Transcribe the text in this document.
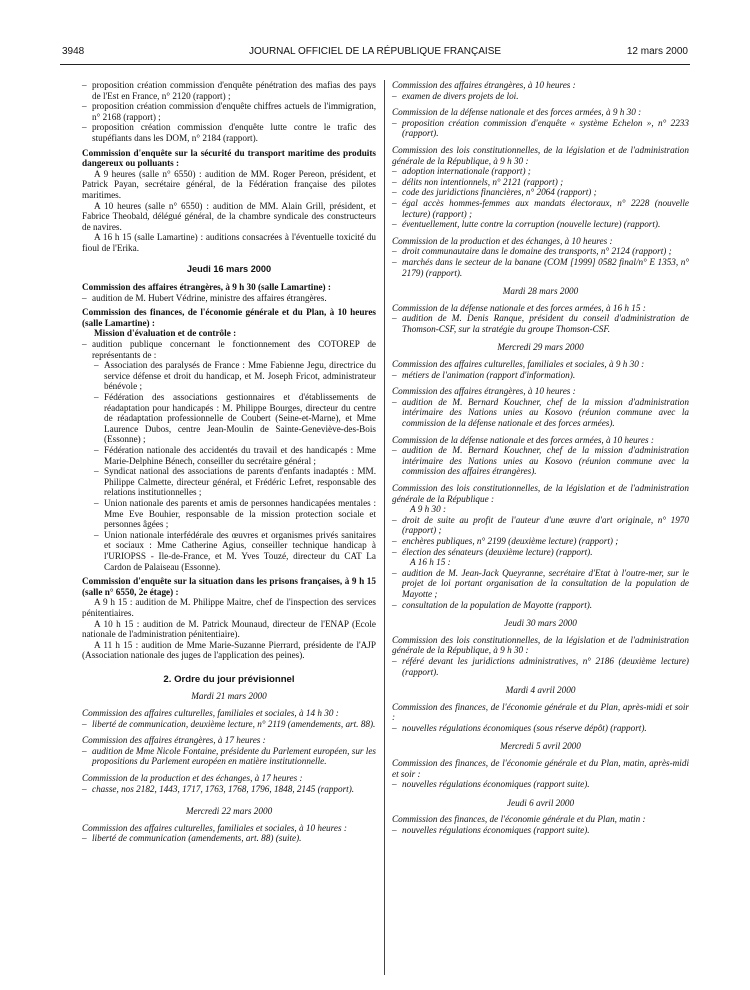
3948	JOURNAL OFFICIEL DE LA RÉPUBLIQUE FRANÇAISE	12 mars 2000
– proposition création commission d'enquête pénétration des mafias des pays de l'Est en France, n° 2120 (rapport) ;
– proposition création commission d'enquête chiffres actuels de l'immigration, n° 2168 (rapport) ;
– proposition création commission d'enquête lutte contre le trafic des stupéfiants dans les DOM, n° 2184 (rapport).

Commission d'enquête sur la sécurité du transport maritime des produits dangereux ou polluants :

A 9 heures (salle n° 6550) : audition de MM. Roger Pereon, président, et Patrick Payan, secrétaire général, de la Fédération française des pilotes maritimes.

A 10 heures (salle n° 6550) : audition de MM. Alain Grill, président, et Fabrice Theobald, délégué général, de la chambre syndicale des constructeurs de navires.

A 16 h 15 (salle Lamartine) : auditions consacrées à l'éventuelle toxicité du fioul de l'Erika.

Jeudi 16 mars 2000

Commission des affaires étrangères, à 9 h 30 (salle Lamartine) :

– audition de M. Hubert Védrine, ministre des affaires étrangères.

Commission des finances, de l'économie générale et du Plan, à 10 heures (salle Lamartine) :

Mission d'évaluation et de contrôle :

– audition publique concernant le fonctionnement des COTOREP de représentants de :
– Association des paralysés de France : Mme Fabienne Jegu, directrice du service défense et droit du handicap, et M. Joseph Fricot, administrateur bénévole ;
– Fédération des associations gestionnaires et d'établissements de réadaptation pour handicapés : M. Philippe Bourges, directeur du centre de réadaptation professionnelle de Coubert (Seine-et-Marne), et Mme Laurence Dubos, centre Jean-Moulin de Sainte-Geneviève-des-Bois (Essonne) ;
– Fédération nationale des accidentés du travail et des handicapés : Mme Marie-Delphine Bénech, conseiller du secrétaire général ;
– Syndicat national des associations de parents d'enfants inadaptés : MM. Philippe Calmette, directeur général, et Frédéric Lefret, responsable des relations institutionnelles ;
– Union nationale des parents et amis de personnes handicapées mentales : Mme Eve Bouhier, responsable de la mission protection sociale et personnes âgées ;
– Union nationale interfédérale des œuvres et organismes privés sanitaires et sociaux : Mme Catherine Agius, conseiller technique handicap à l'URIOPSS - Ile-de-France, et M. Yves Touzé, directeur du CAT La Cardon de Palaiseau (Essonne).

Commission d'enquête sur la situation dans les prisons françaises, à 9 h 15 (salle n° 6550, 2e étage) :

A 9 h 15 : audition de M. Philippe Maitre, chef de l'inspection des services pénitentiaires.

A 10 h 15 : audition de M. Patrick Mounaud, directeur de l'ENAP (Ecole nationale de l'administration pénitentiaire).

A 11 h 15 : audition de Mme Marie-Suzanne Pierrard, présidente de l'AJP (Association nationale des juges de l'application des peines).

2. Ordre du jour prévisionnel
Mardi 21 mars 2000

Commission des affaires culturelles, familiales et sociales, à 14 h 30 :

– liberté de communication, deuxième lecture, n° 2119 (amendements, art. 88).

Commission des affaires étrangères, à 17 heures :

– audition de Mme Nicole Fontaine, présidente du Parlement européen, sur les propositions du Parlement européen en matière institutionnelle.

Commission de la production et des échanges, à 17 heures :

– chasse, nos 2182, 1443, 1717, 1763, 1768, 1796, 1848, 2145 (rapport).
Mercredi 22 mars 2000

Commission des affaires culturelles, familiales et sociales, à 10 heures :

– liberté de communication (amendements, art. 88) (suite).

Commission des affaires étrangères, à 10 heures :

– examen de divers projets de loi.

Commission de la défense nationale et des forces armées, à 9 h 30 :

– proposition création commission d'enquête « système Echelon », n° 2233 (rapport).

Commission des lois constitutionnelles, de la législation et de l'administration générale de la République, à 9 h 30 :

– adoption internationale (rapport) ;
– délits non intentionnels, n° 2121 (rapport) ;
– code des juridictions financières, n° 2064 (rapport) ;
– égal accès hommes-femmes aux mandats électoraux, n° 2228 (nouvelle lecture) (rapport) ;
– éventuellement, lutte contre la corruption (nouvelle lecture) (rapport).

Commission de la production et des échanges, à 10 heures :

– droit communautaire dans le domaine des transports, n° 2124 (rapport) ;
– marchés dans le secteur de la banane (COM [1999] 0582 final/n° E 1353, n° 2179) (rapport).
Mardi 28 mars 2000

Commission de la défense nationale et des forces armées, à 16 h 15 :

– audition de M. Denis Ranque, président du conseil d'administration de Thomson-CSF, sur la stratégie du groupe Thomson-CSF.
Mercredi 29 mars 2000

Commission des affaires culturelles, familiales et sociales, à 9 h 30 :

– métiers de l'animation (rapport d'information).

Commission des affaires étrangères, à 10 heures :

– audition de M. Bernard Kouchner, chef de la mission d'administration intérimaire des Nations unies au Kosovo (réunion commune avec la commission de la défense nationale et des forces armées).

Commission de la défense nationale et des forces armées, à 10 heures :

– audition de M. Bernard Kouchner, chef de la mission d'administration intérimaire des Nations unies au Kosovo (réunion commune avec la commission des affaires étrangères).

Commission des lois constitutionnelles, de la législation et de l'administration générale de la République :

A 9 h 30 :

– droit de suite au profit de l'auteur d'une œuvre d'art originale, n° 1970 (rapport) ;
– enchères publiques, n° 2199 (deuxième lecture) (rapport) ;
– élection des sénateurs (deuxième lecture) (rapport).

A 16 h 15 :

– audition de M. Jean-Jack Queyranne, secrétaire d'Etat à l'outre-mer, sur le projet de loi portant organisation de la consultation de la population de Mayotte ;
– consultation de la population de Mayotte (rapport).
Jeudi 30 mars 2000

Commission des lois constitutionnelles, de la législation et de l'administration générale de la République, à 9 h 30 :

– référé devant les juridictions administratives, n° 2186 (deuxième lecture) (rapport).
Mardi 4 avril 2000

Commission des finances, de l'économie générale et du Plan, après-midi et soir :

– nouvelles régulations économiques (sous réserve dépôt) (rapport).
Mercredi 5 avril 2000

Commission des finances, de l'économie générale et du Plan, matin, après-midi et soir :

– nouvelles régulations économiques (rapport suite).
Jeudi 6 avril 2000

Commission des finances, de l'économie générale et du Plan, matin :

– nouvelles régulations économiques (rapport suite).
